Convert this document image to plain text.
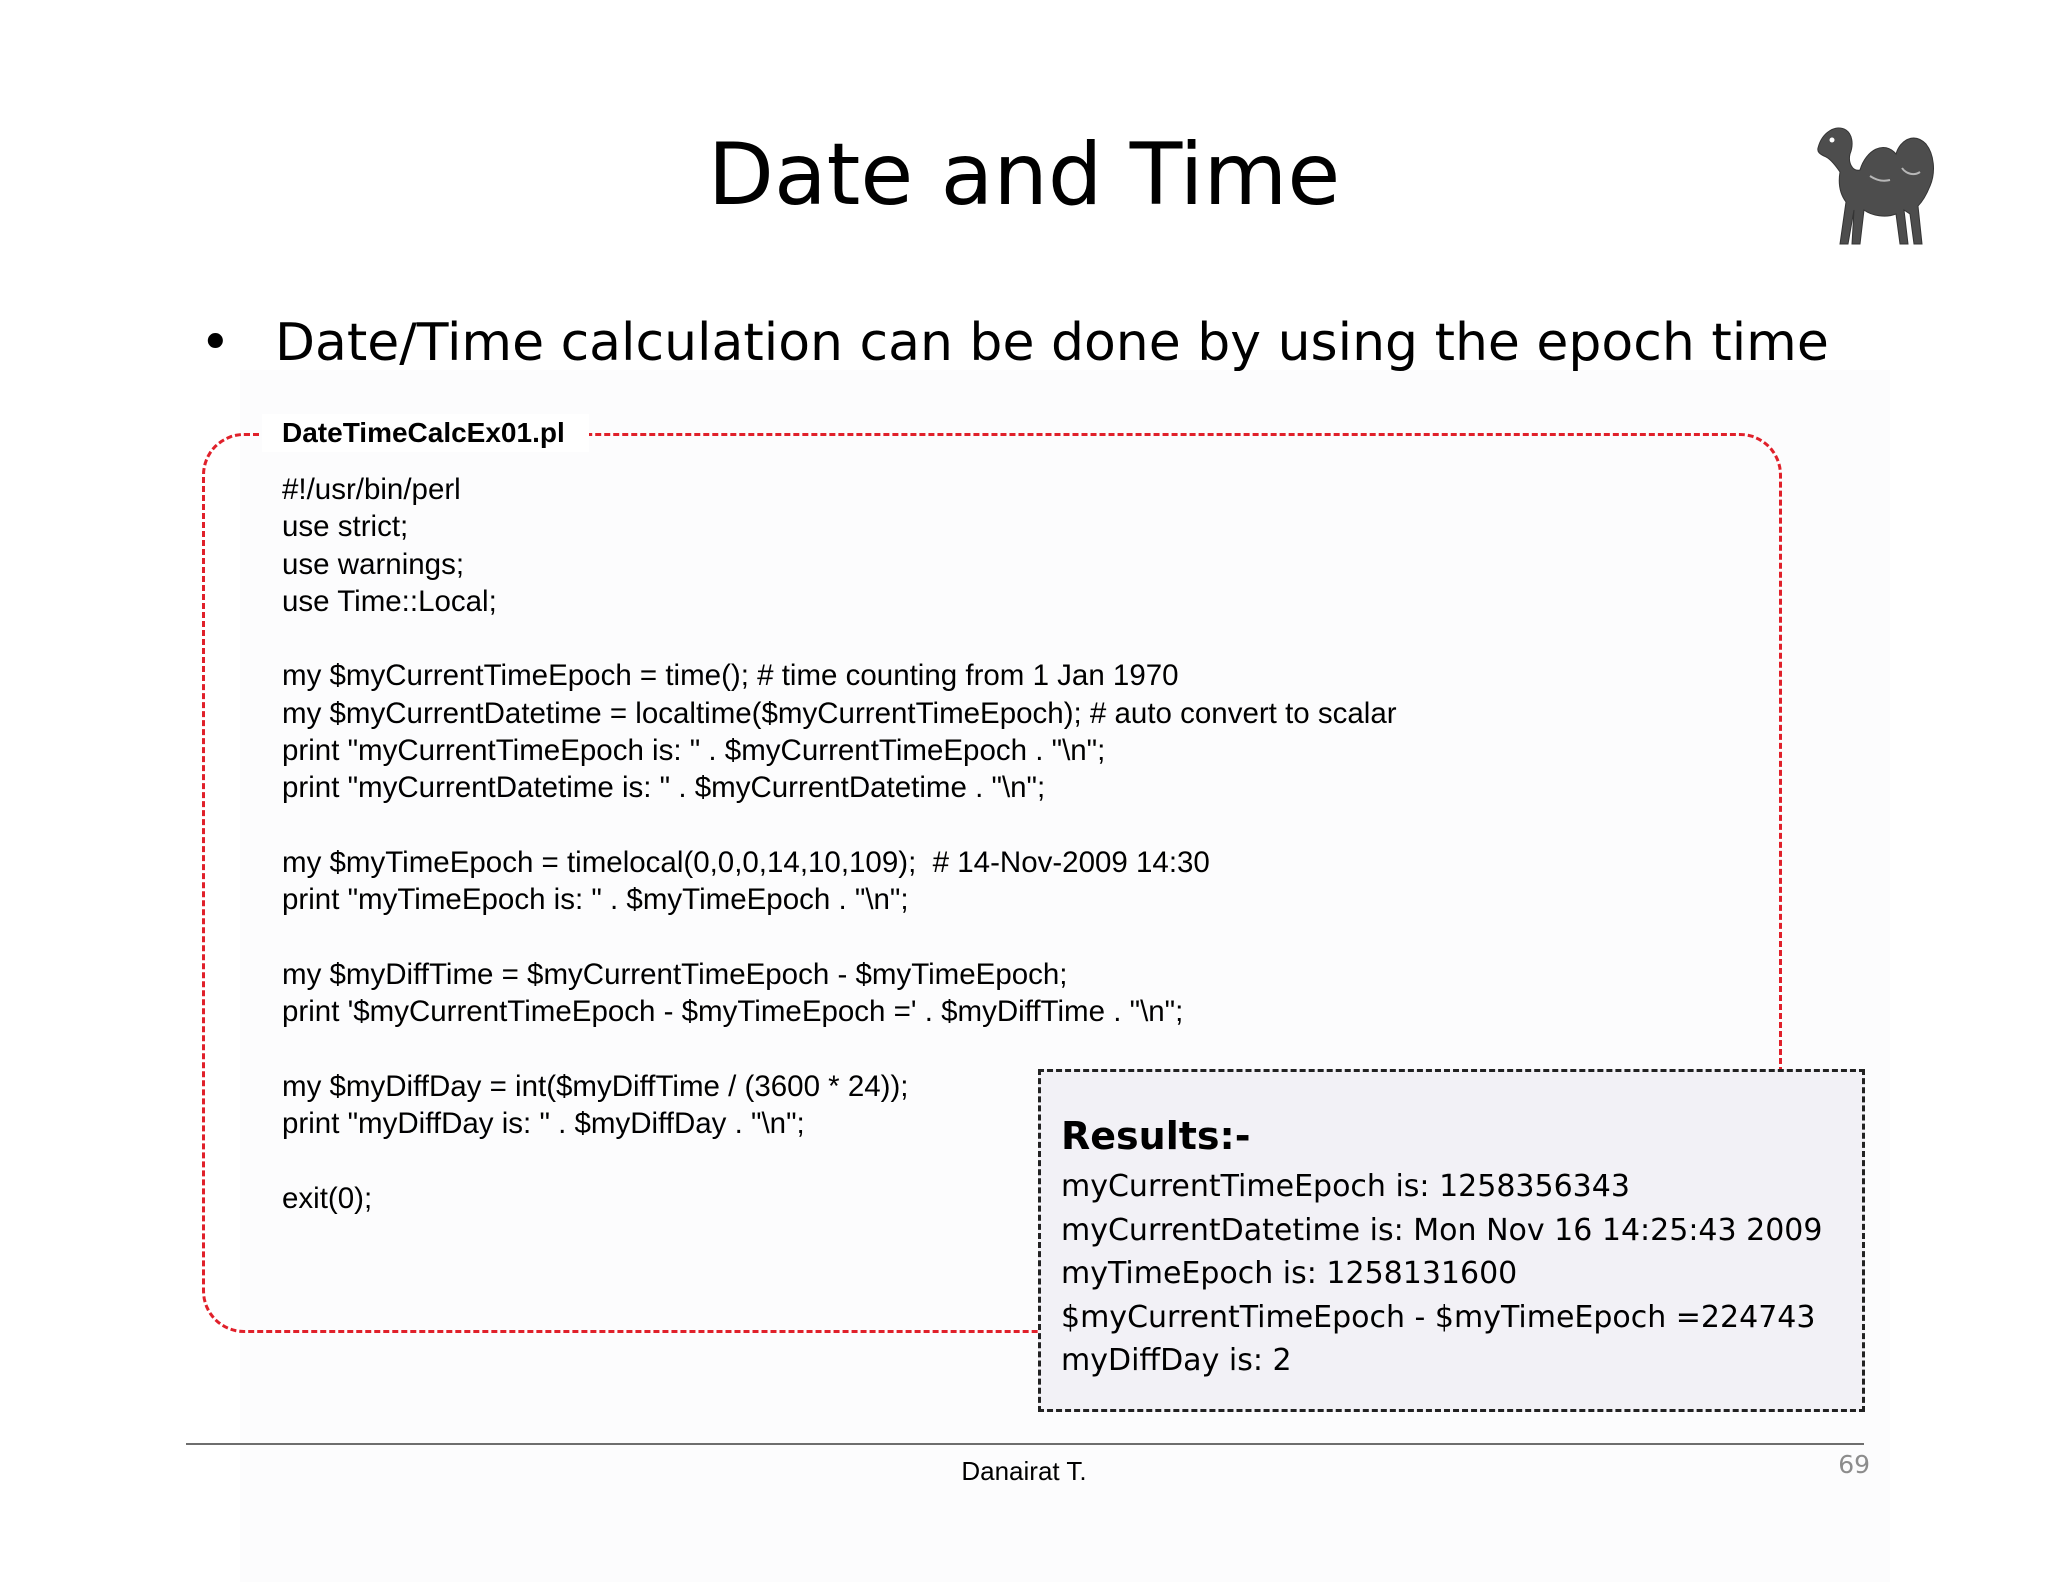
Date and Time
• Date/Time calculation can be done by using the epoch time
DateTimeCalcEx01.pl
#!/usr/bin/perl
use strict;
use warnings;
use Time::Local;
my $myCurrentTimeEpoch = time(); # time counting from 1 Jan 1970
my $myCurrentDatetime = localtime($myCurrentTimeEpoch); # auto convert to scalar
print "myCurrentTimeEpoch is: " . $myCurrentTimeEpoch . "\n";
print "myCurrentDatetime is: " . $myCurrentDatetime . "\n";
my $myTimeEpoch = timelocal(0,0,0,14,10,109);  # 14-Nov-2009 14:30
print "myTimeEpoch is: " . $myTimeEpoch . "\n";
my $myDiffTime = $myCurrentTimeEpoch - $myTimeEpoch;
print '$myCurrentTimeEpoch - $myTimeEpoch =' . $myDiffTime . "\n";
my $myDiffDay = int($myDiffTime / (3600 * 24));
print "myDiffDay is: " . $myDiffDay . "\n";
exit(0);
Results:-
myCurrentTimeEpoch is: 1258356343
myCurrentDatetime is: Mon Nov 16 14:25:43 2009
myTimeEpoch is: 1258131600
$myCurrentTimeEpoch - $myTimeEpoch =224743
myDiffDay is: 2
Danairat T.	69
